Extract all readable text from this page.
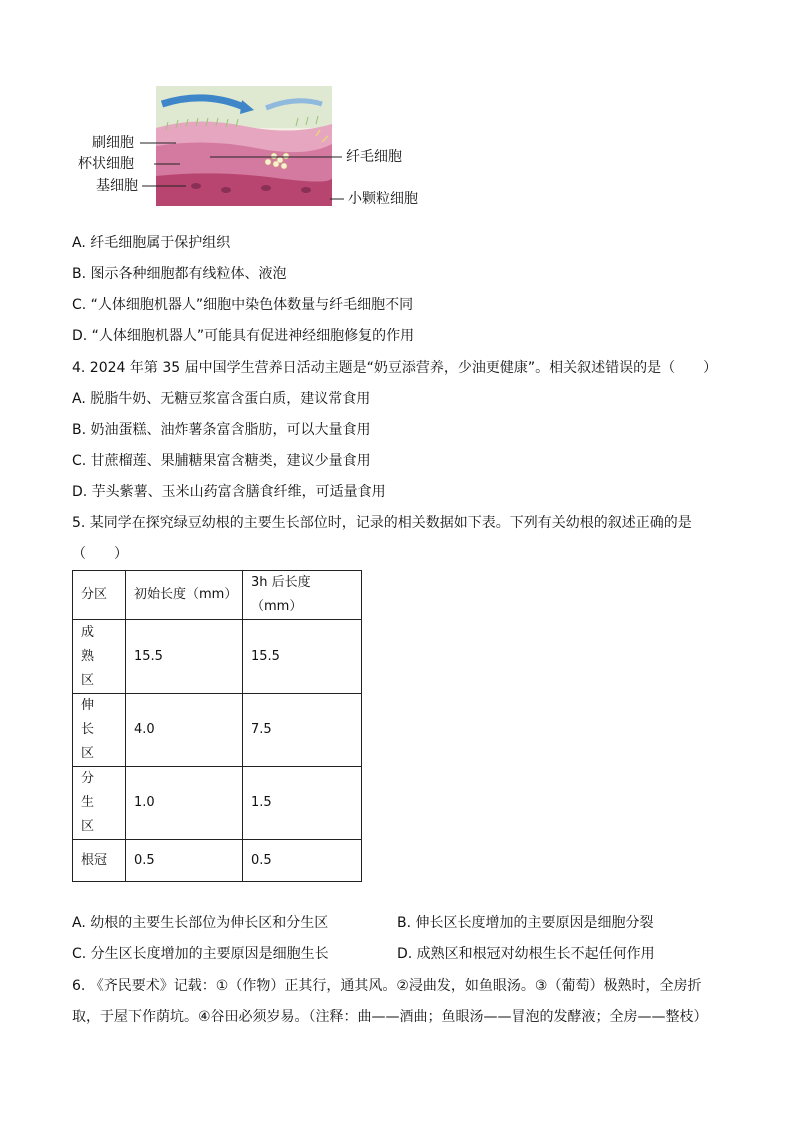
刷细胞
杯状细胞
基细胞
纤毛细胞
小颗粒细胞
A. 纤毛细胞属于保护组织
B. 图示各种细胞都有线粒体、液泡
C. “人体细胞机器人”细胞中染色体数量与纤毛细胞不同
D. “人体细胞机器人”可能具有促进神经细胞修复的作用
4. 2024 年第 35 届中国学生营养日活动主题是“奶豆添营养，少油更健康”。相关叙述错误的是（　　）
A. 脱脂牛奶、无糖豆浆富含蛋白质，建议常食用
B. 奶油蛋糕、油炸薯条富含脂肪，可以大量食用
C. 甘蔗榴莲、果脯糖果富含糖类，建议少量食用
D. 芋头紫薯、玉米山药富含膳食纤维，可适量食用
5. 某同学在探究绿豆幼根的主要生长部位时，记录的相关数据如下表。下列有关幼根的叙述正确的是
（　　）
分区	初始长度（mm）	3h 后长度（mm）
成　熟
区	15.5	15.5
伸　长
区	4.0	7.5
分　生
区	1.0	1.5
根冠	0.5	0.5
A. 幼根的主要生长部位为伸长区和分生区	B. 伸长区长度增加的主要原因是细胞分裂
C. 分生区长度增加的主要原因是细胞生长	D. 成熟区和根冠对幼根生长不起任何作用
6. 《齐民要术》记载：①（作物）正其行，通其风。②浸曲发，如鱼眼汤。③（葡萄）极熟时，全房折
取，于屋下作荫坑。④谷田必须岁易。（注释：曲——酒曲；鱼眼汤——冒泡的发酵液；全房——整枝）
